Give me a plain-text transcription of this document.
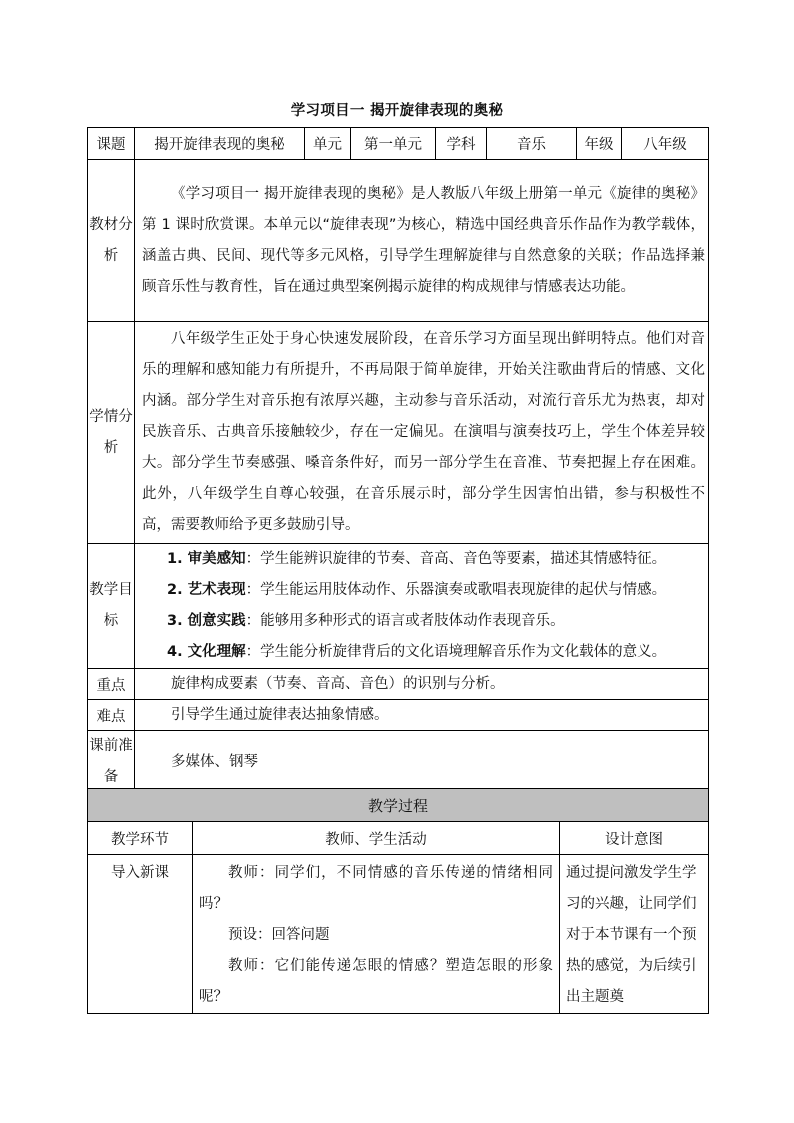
学习项目一 揭开旋律表现的奥秘
课题	揭开旋律表现的奥秘	单元	第一单元	学科	音乐	年级	八年级
教材分析	《学习项目一 揭开旋律表现的奥秘》是人教版八年级上册第一单元《旋律的奥秘》第 1 课时欣赏课。本单元以“旋律表现”为核心，精选中国经典音乐作品作为教学载体，涵盖古典、民间、现代等多元风格，引导学生理解旋律与自然意象的关联；作品选择兼顾音乐性与教育性，旨在通过典型案例揭示旋律的构成规律与情感表达功能。						
学情分析	八年级学生正处于身心快速发展阶段，在音乐学习方面呈现出鲜明特点。他们对音乐的理解和感知能力有所提升，不再局限于简单旋律，开始关注歌曲背后的情感、文化内涵。部分学生对音乐抱有浓厚兴趣，主动参与音乐活动，对流行音乐尤为热衷，却对民族音乐、古典音乐接触较少，存在一定偏见。在演唱与演奏技巧上，学生个体差异较大。部分学生节奏感强、嗓音条件好，而另一部分学生在音准、节奏把握上存在困难。此外，八年级学生自尊心较强，在音乐展示时，部分学生因害怕出错，参与积极性不高，需要教师给予更多鼓励引导。						
教学目标	1. 审美感知：学生能辨识旋律的节奏、音高、音色等要素，描述其情感特征。
2. 艺术表现：学生能运用肢体动作、乐器演奏或歌唱表现旋律的起伏与情感。
3. 创意实践：能够用多种形式的语言或者肢体动作表现音乐。
4. 文化理解：学生能分析旋律背后的文化语境理解音乐作为文化载体的意义。						

重点	旋律构成要素（节奏、音高、音色）的识别与分析。						
难点	引导学生通过旋律表达抽象情感。						
课前准备	多媒体、钢琴						
教学过程		
教学环节	教师、学生活动	设计意图
导入新课	教师：同学们，不同情感的音乐传递的情绪相同吗？

预设：回答问题

教师：它们能传递怎眼的情感？塑造怎眼的形象呢？	通过提问激发学生学习的兴趣，让同学们对于本节课有一个预热的感觉，为后续引出主题奠
